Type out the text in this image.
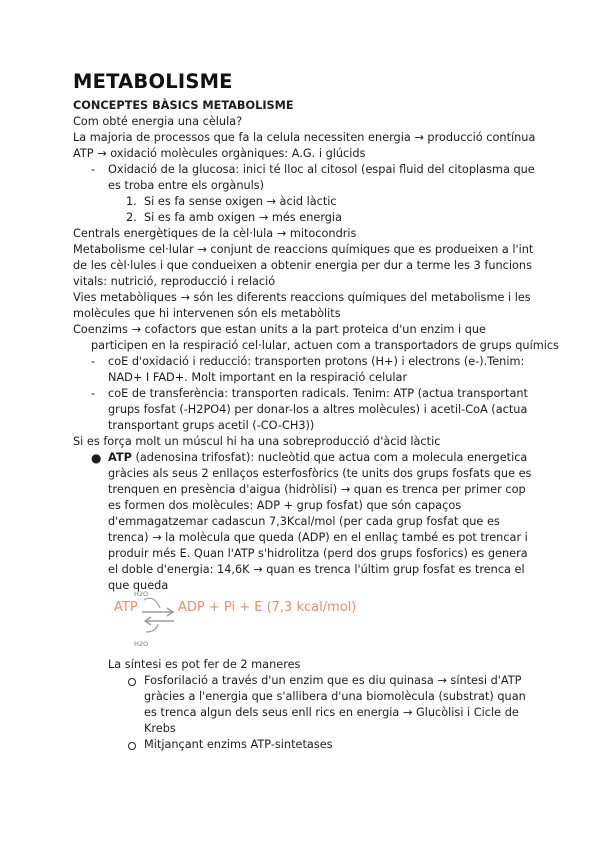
METABOLISME
CONCEPTES BÀSICS METABOLISME
Com obté energia una cèlula?
La majoria de processos que fa la celula necessiten energia → producció contínua
ATP → oxidació molècules orgàniques: A.G. i glúcids
- Oxidació de la glucosa: inici té lloc al citosol (espai fluid del citoplasma que
es troba entre els orgànuls)
1. Si es fa sense oxigen → àcid làctic
2. Si es fa amb oxigen → més energia
Centrals energètiques de la cèl·lula → mitocondris
Metabolisme cel·lular → conjunt de reaccions químiques que es produeixen a l'int
de les cèl·lules i que condueixen a obtenir energia per dur a terme les 3 funcions
vitals: nutrició, reproducció i relació
Vies metabòliques → són les diferents reaccions químiques del metabolisme i les
molècules que hi intervenen són els metabòlits
Coenzims → cofactors que estan units a la part proteica d'un enzim i que
participen en la respiració cel·lular, actuen com a transportadors de grups químics
- coE d'oxidació i reducció: transporten protons (H+) i electrons (e-).Tenim:
NAD+ I FAD+. Molt important en la respiració celular
- coE de transferència: transporten radicals. Tenim: ATP (actua transportant
grups fosfat (-H2PO4) per donar-los a altres molècules) i acetil-CoA (actua
transportant grups acetil (-CO-CH3))
Si es força molt un múscul hi ha una sobreproducció d'àcid làctic
● ATP (adenosina trifosfat): nucleòtid que actua com a molecula energetica
gràcies als seus 2 enllaços esterfosfòrics (te units dos grups fosfats que es
trenquen en presència d'aigua (hidròlisi) → quan es trenca per primer cop
es formen dos molècules: ADP + grup fosfat) que són capaços
d'emmagatzemar cadascun 7,3Kcal/mol (per cada grup fosfat que es
trenca) → la molècula que queda (ADP) en el enllaç també es pot trencar i
produir més E. Quan l'ATP s'hidrolitza (perd dos grups fosforics) es genera
el doble d'energia: 14,6K → quan es trenca l'últim grup fosfat es trenca el
que queda
H2O
ATP ⇌ ADP + Pi + E (7,3 kcal/mol)
H2O
La síntesi es pot fer de 2 maneres
Fosforilació a través d'un enzim que es diu quinasa → síntesi d'ATP
gràcies a l'energia que s'allibera d'una biomolècula (substrat) quan
es trenca algun dels seus enll rics en energia → Glucòlisi i Cicle de
Krebs
Mitjançant enzims ATP-sintetases
